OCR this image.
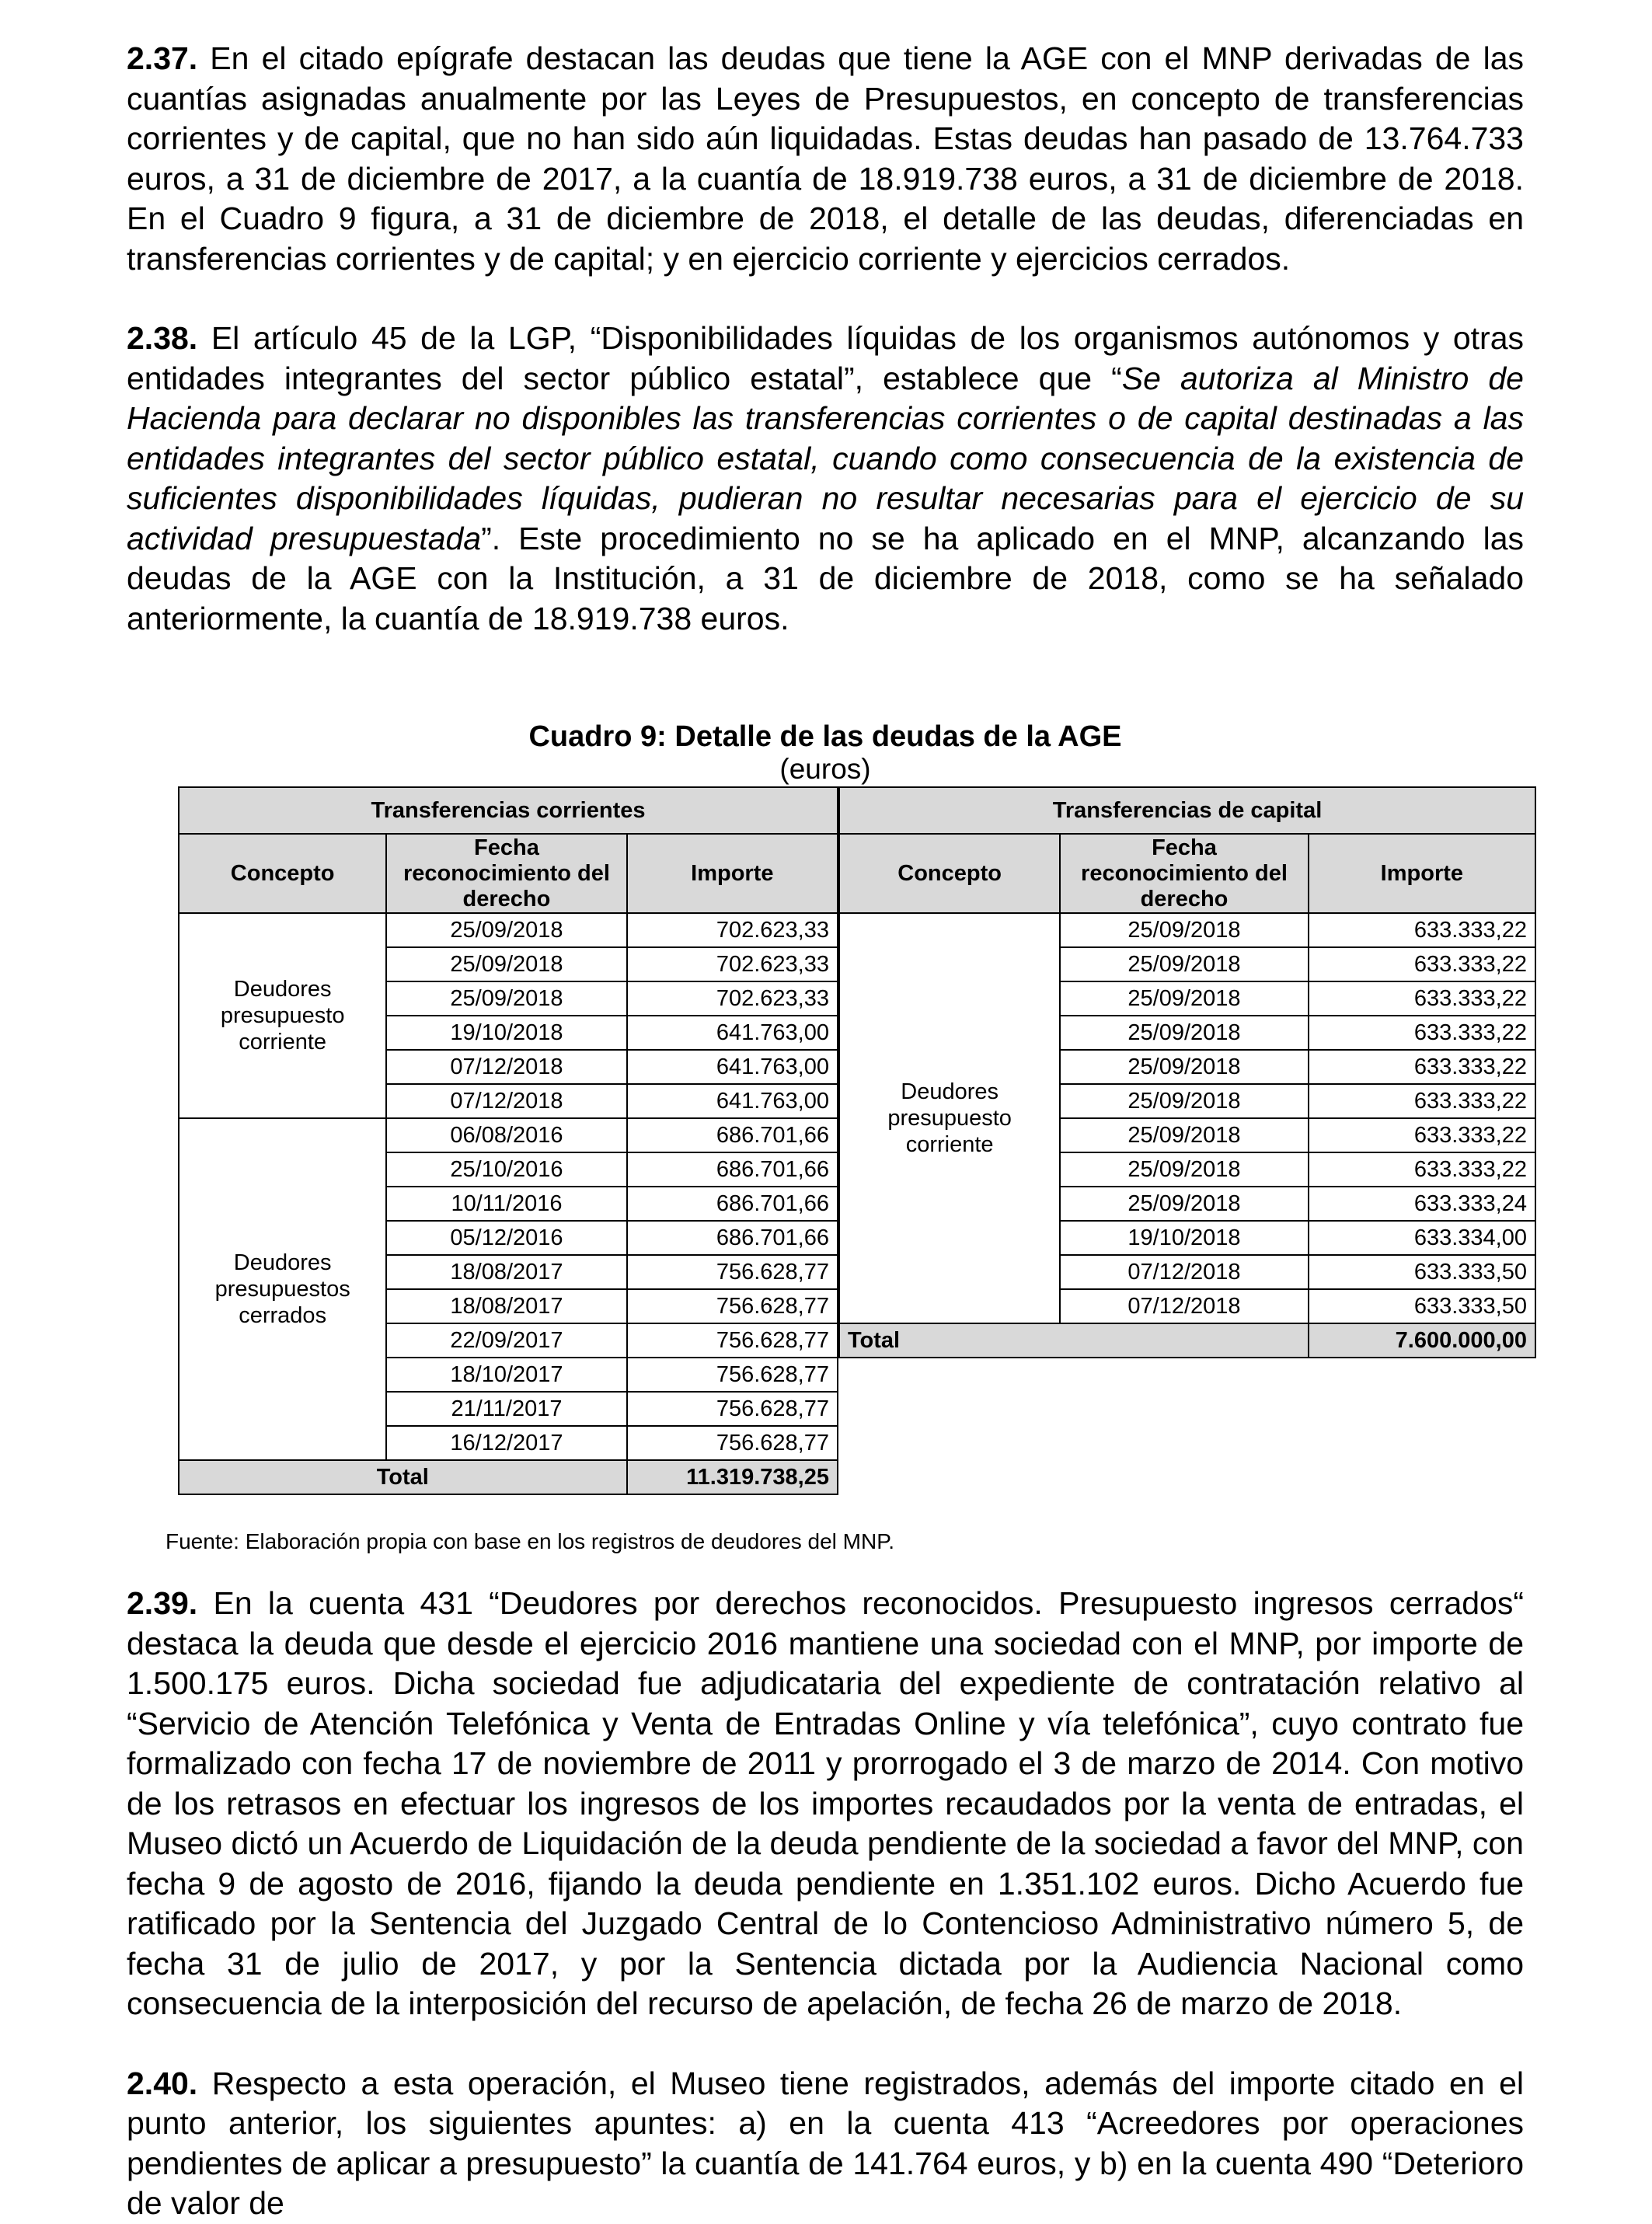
2.37. En el citado epígrafe destacan las deudas que tiene la AGE con el MNP derivadas de las cuantías asignadas anualmente por las Leyes de Presupuestos, en concepto de transferencias corrientes y de capital, que no han sido aún liquidadas. Estas deudas han pasado de 13.764.733 euros, a 31 de diciembre de 2017, a la cuantía de 18.919.738 euros, a 31 de diciembre de 2018. En el Cuadro 9 figura, a 31 de diciembre de 2018, el detalle de las deudas, diferenciadas en transferencias corrientes y de capital; y en ejercicio corriente y ejercicios cerrados.

2.38. El artículo 45 de la LGP, “Disponibilidades líquidas de los organismos autónomos y otras entidades integrantes del sector público estatal”, establece que “Se autoriza al Ministro de Hacienda para declarar no disponibles las transferencias corrientes o de capital destinadas a las entidades integrantes del sector público estatal, cuando como consecuencia de la existencia de suficientes disponibilidades líquidas, pudieran no resultar necesarias para el ejercicio de su actividad presupuestada”. Este procedimiento no se ha aplicado en el MNP, alcanzando las deudas de la AGE con la Institución, a 31 de diciembre de 2018, como se ha señalado anteriormente, la cuantía de 18.919.738 euros.

Cuadro 9: Detalle de las deudas de la AGE
(euros)
Transferencias corrientes		
Concepto	Fecha reconocimiento del derecho	Importe
Deudores presupuesto corriente	25/09/2018	702.623,33
	25/09/2018	702.623,33
	25/09/2018	702.623,33
	19/10/2018	641.763,00
	07/12/2018	641.763,00
	07/12/2018	641.763,00
Deudores presupuestos cerrados	06/08/2016	686.701,66
	25/10/2016	686.701,66
	10/11/2016	686.701,66
	05/12/2016	686.701,66
	18/08/2017	756.628,77
	18/08/2017	756.628,77
	22/09/2017	756.628,77
	18/10/2017	756.628,77
	21/11/2017	756.628,77
	16/12/2017	756.628,77
Total		11.319.738,25
Transferencias de capital		
Concepto	Fecha reconocimiento del derecho	Importe
Deudores presupuesto corriente	25/09/2018	633.333,22
	25/09/2018	633.333,22
	25/09/2018	633.333,22
	25/09/2018	633.333,22
	25/09/2018	633.333,22
	25/09/2018	633.333,22
	25/09/2018	633.333,22
	25/09/2018	633.333,22
	25/09/2018	633.333,24
	19/10/2018	633.334,00
	07/12/2018	633.333,50
	07/12/2018	633.333,50
Total		7.600.000,00
Fuente: Elaboración propia con base en los registros de deudores del MNP.

2.39. En la cuenta 431 “Deudores por derechos reconocidos. Presupuesto ingresos cerrados“ destaca la deuda que desde el ejercicio 2016 mantiene una sociedad con el MNP, por importe de 1.500.175 euros. Dicha sociedad fue adjudicataria del expediente de contratación relativo al “Servicio de Atención Telefónica y Venta de Entradas Online y vía telefónica”, cuyo contrato fue formalizado con fecha 17 de noviembre de 2011 y prorrogado el 3 de marzo de 2014. Con motivo de los retrasos en efectuar los ingresos de los importes recaudados por la venta de entradas, el Museo dictó un Acuerdo de Liquidación de la deuda pendiente de la sociedad a favor del MNP, con fecha 9 de agosto de 2016, fijando la deuda pendiente en 1.351.102 euros. Dicho Acuerdo fue ratificado por la Sentencia del Juzgado Central de lo Contencioso Administrativo número 5, de fecha 31 de julio de 2017, y por la Sentencia dictada por la Audiencia Nacional como consecuencia de la interposición del recurso de apelación, de fecha 26 de marzo de 2018.

2.40. Respecto a esta operación, el Museo tiene registrados, además del importe citado en el punto anterior, los siguientes apuntes: a) en la cuenta 413 “Acreedores por operaciones pendientes de aplicar a presupuesto” la cuantía de 141.764 euros, y b) en la cuenta 490 “Deterioro de valor de
